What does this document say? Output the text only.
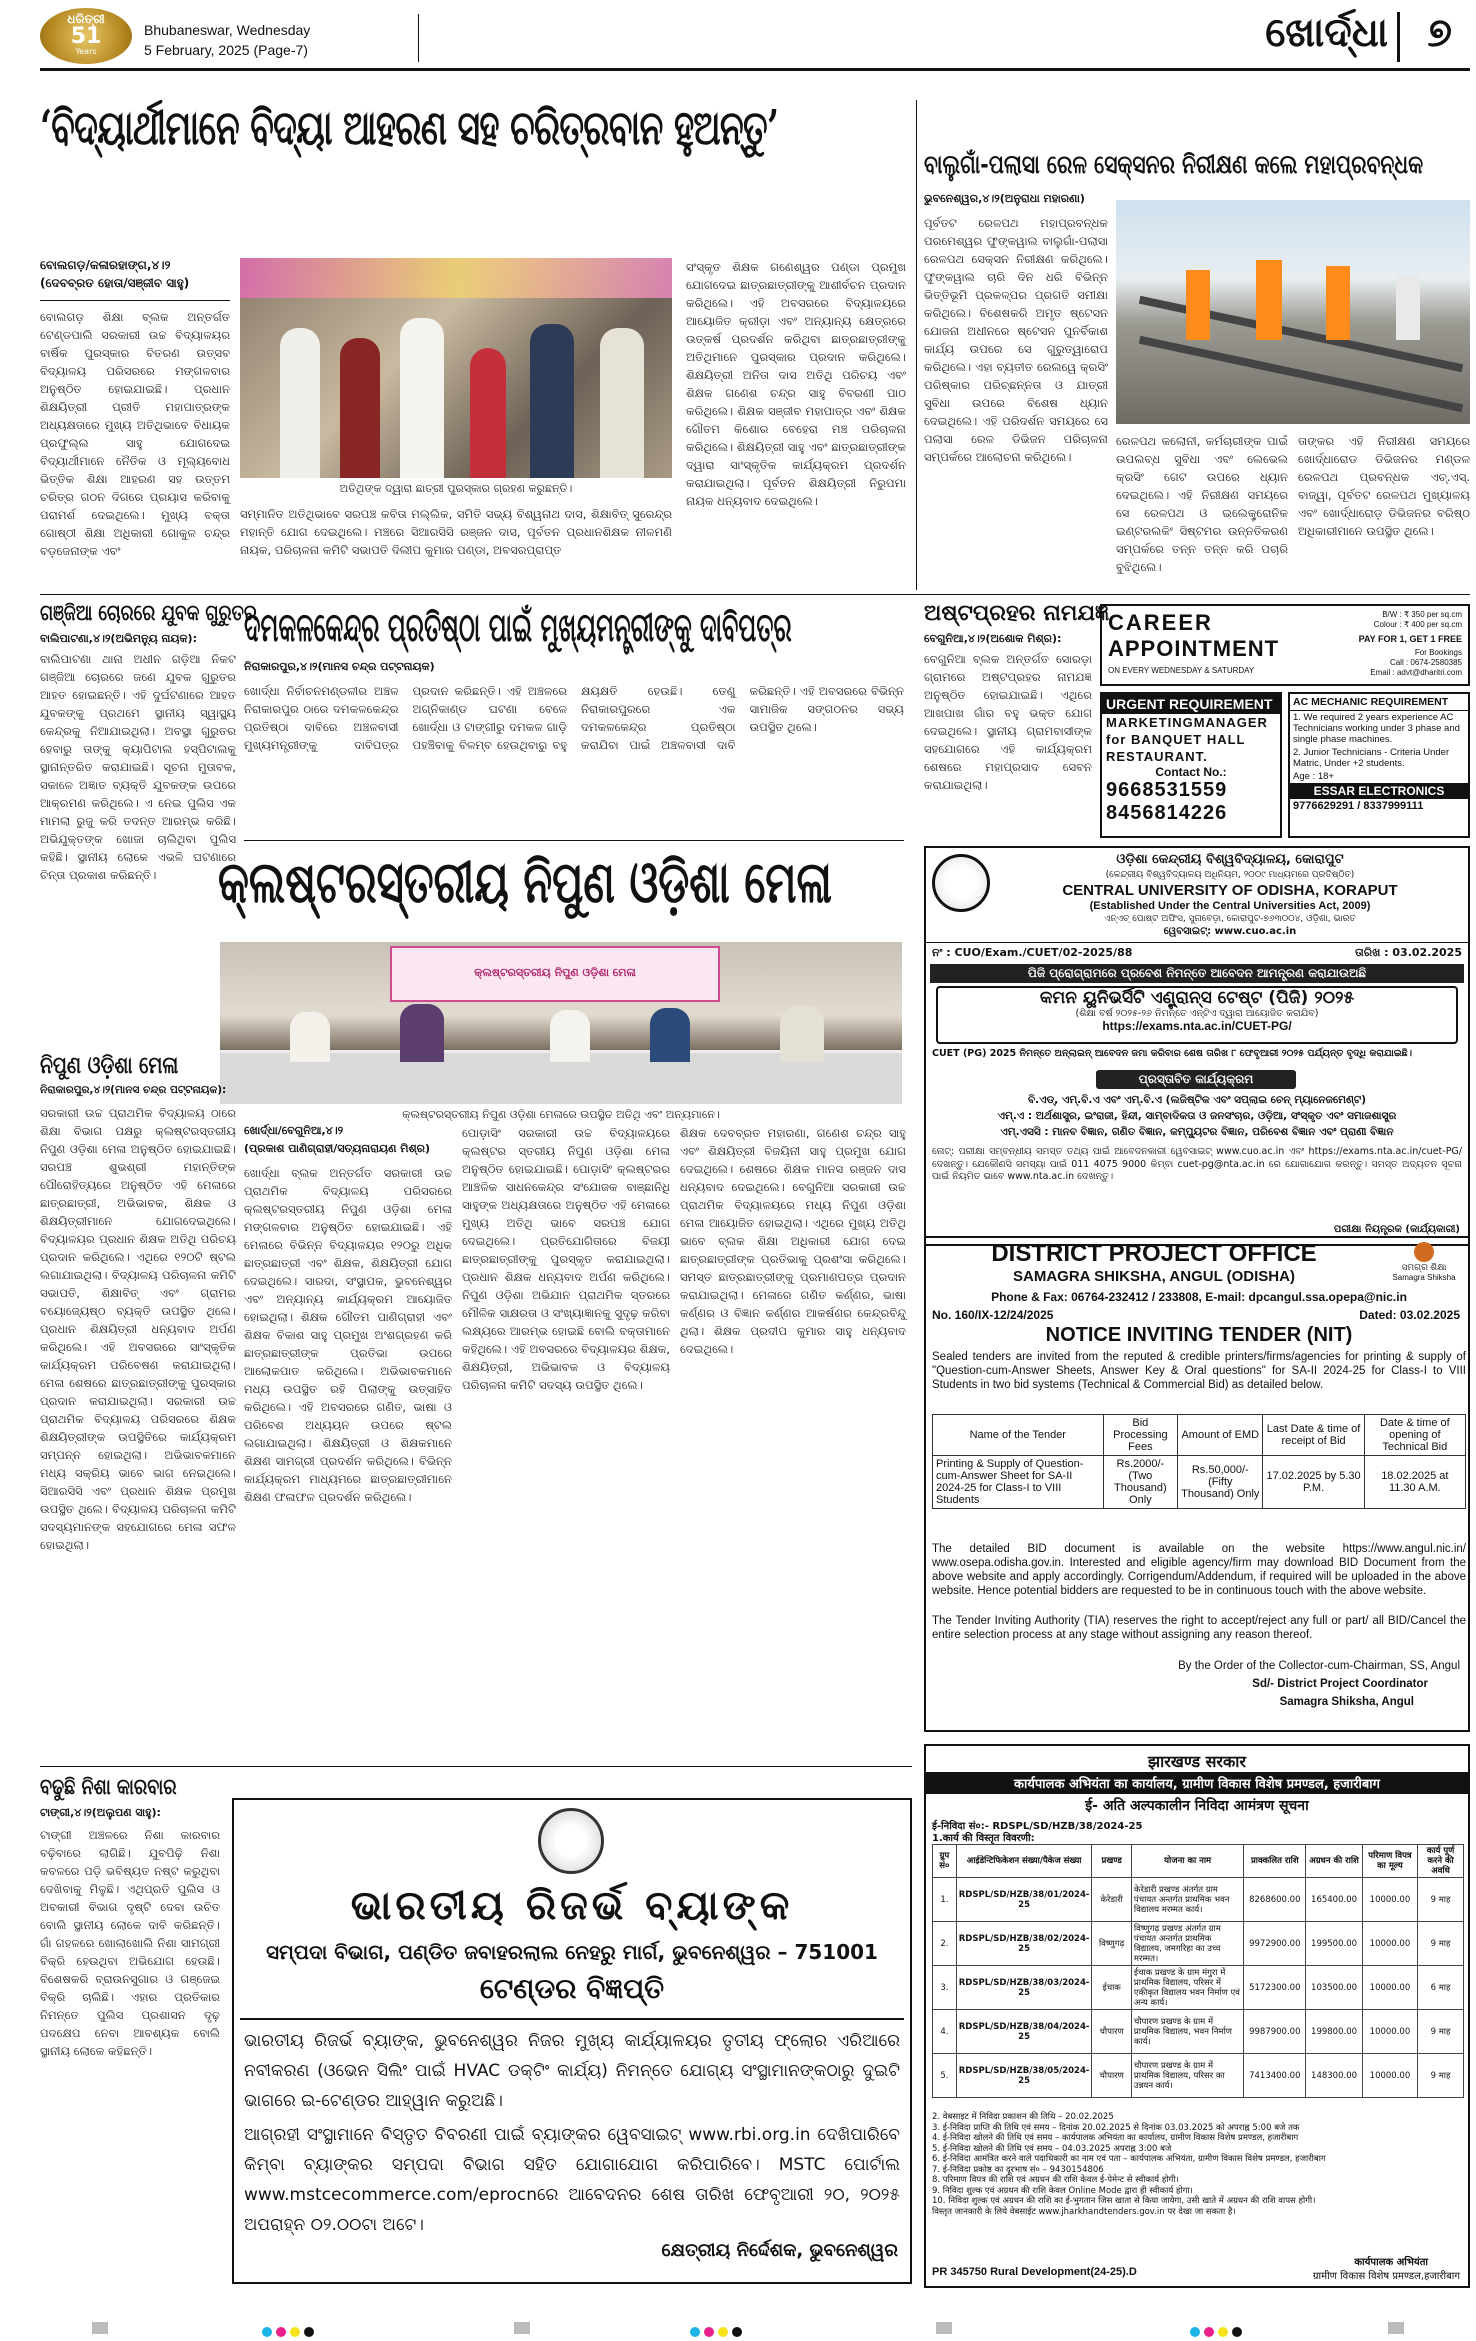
ଧରିତ୍ରୀ
51
Years
Bhubaneswar, Wednesday
5 February, 2025 (Page-7)	ଖୋର୍ଦ୍ଧା ୭
‘ବିଦ୍ୟାର୍ଥୀମାନେ ବିଦ୍ୟା ଆହରଣ ସହ ଚରିତ୍ରବାନ ହୁଅନ୍ତୁ’
ବୋଲଗଡ଼/କଳାରହାଙ୍ଗ,୪।୨
(ଦେବବ୍ରତ ହୋତା/ସଞ୍ଜୀବ ସାହୁ)
ବୋଲଗଡ଼ ଶିକ୍ଷା ବ୍ଲକ ଅନ୍ତର୍ଗତ ଟେଣ୍ଡପାଲି ସରକାରୀ ଉଚ୍ଚ ବିଦ୍ୟାଳୟର ବାର୍ଷିକ ପୁରସ୍କାର ବିତରଣ ଉତ୍ସବ ବିଦ୍ୟାଳୟ ପରିସରରେ ମଙ୍ଗଳବାର ଅନୁଷ୍ଠିତ ହୋଇଯାଇଛି। ପ୍ରଧାନ ଶିକ୍ଷୟିତ୍ରୀ ପ୍ରୀତି ମହାପାତ୍ରଙ୍କ ଅଧ୍ୟକ୍ଷତାରେ ମୁଖ୍ୟ ଅତିଥିଭାବେ ବିଧାୟକ ପ୍ରଫୁଲ୍ଲ ସାହୁ ଯୋଗଦେଇ ବିଦ୍ୟାର୍ଥୀମାନେ ନୈତିକ ଓ ମୂଲ୍ୟବୋଧ ଭିତ୍ତିକ ଶିକ୍ଷା ଆହରଣ ସହ ଉତ୍ତମ ଚରିତ୍ର ଗଠନ ଦିଗରେ ପ୍ରୟାସ କରିବାକୁ ପରାମର୍ଶ ଦେଇଥିଲେ। ମୁଖ୍ୟ ବକ୍ତା ଗୋଷ୍ଠୀ ଶିକ୍ଷା ଅଧିକାରୀ ଗୋକୁଳ ଚନ୍ଦ୍ର ବଡ଼ଜେନାଙ୍କ ଏବଂ
ଅତିଥିଙ୍କ ଦ୍ୱାରା ଛାତ୍ରୀ ପୁରସ୍କାର ଗ୍ରହଣ କରୁଛନ୍ତି।
ସମ୍ମାନିତ ଅତିଥିଭାବେ ସରପଞ୍ଚ କବିତା ମଲ୍ଲିକ, ସମିତି ସଭ୍ୟ ବିଶ୍ୱନାଥ ଦାସ, ଶିକ୍ଷାବିତ୍ ସୁରେନ୍ଦ୍ର ମହାନ୍ତି ଯୋଗ ଦେଇଥିଲେ। ମଞ୍ଚରେ ସିଆରସିସି ରଞ୍ଜନ ଦାସ, ପୂର୍ବତନ ପ୍ରଧାନଶିକ୍ଷକ ନୀଳମଣି ନାୟକ, ପରିଚାଳନା କମିଟି ସଭାପତି ଦିଲୀପ କୁମାର ପଣ୍ଡା, ଅବସରପ୍ରାପ୍ତ
ସଂସ୍କୃତ ଶିକ୍ଷକ ଗଣେଶ୍ୱର ପଣ୍ଡା ପ୍ରମୁଖ ଯୋଗଦେଇ ଛାତ୍ରଛାତ୍ରୀଙ୍କୁ ଆଶୀର୍ବଚନ ପ୍ରଦାନ କରିଥିଲେ। ଏହି ଅବସରରେ ବିଦ୍ୟାଳୟରେ ଆୟୋଜିତ କ୍ରୀଡ଼ା ଏବଂ ଅନ୍ୟାନ୍ୟ କ୍ଷେତ୍ରରେ ଉତ୍କର୍ଷ ପ୍ରଦର୍ଶନ କରିଥିବା ଛାତ୍ରଛାତ୍ରୀଙ୍କୁ ଅତିଥିମାନେ ପୁରସ୍କାର ପ୍ରଦାନ କରିଥିଲେ। ଶିକ୍ଷୟିତ୍ରୀ ଅନିତା ଦାସ ଅତିଥି ପରିଚୟ ଏବଂ ଶିକ୍ଷକ ଗଣେଶ ଚନ୍ଦ୍ର ସାହୁ ବିବରଣୀ ପାଠ କରିଥିଲେ। ଶିକ୍ଷକ ସଞ୍ଜୀବ ମହାପାତ୍ର ଏବଂ ଶିକ୍ଷକ ଗୌତମ କିଶୋର ବେହେରା ମଞ୍ଚ ପରିଚାଳନା କରିଥିଲେ। ଶିକ୍ଷୟିତ୍ରୀ ସାହୁ ଏବଂ ଛାତ୍ରଛାତ୍ରୀଙ୍କ ଦ୍ୱାରା ସାଂସ୍କୃତିକ କାର୍ଯ୍ୟକ୍ରମ ପ୍ରଦର୍ଶନ କରାଯାଇଥିଲା। ପୂର୍ବତନ ଶିକ୍ଷୟିତ୍ରୀ ନିରୁପମା ନାୟକ ଧନ୍ୟବାଦ ଦେଇଥିଲେ।
ବାଲୁଗାଁ-ପଲାସା ରେଳ ସେକ୍ସନର ନିରୀକ୍ଷଣ କଲେ ମହାପ୍ରବନ୍ଧକ
ଭୁବନେଶ୍ୱର,୪।୨(ଅନୁରାଧା ମହାରଣା)
ପୂର୍ବତଟ ରେଳପଥ ମହାପ୍ରବନ୍ଧକ ପରମେଶ୍ୱର ଫୁଙ୍କୱାଲ ବାଲୁଗାଁ-ପଲାସା ରେଳପଥ ସେକ୍ସନ ନିରୀକ୍ଷଣ କରିଥିଲେ। ଫୁଙ୍କୱାଲ ଚାରି ଦିନ ଧରି ବିଭିନ୍ନ ଭିତ୍ତିଭୂମି ପ୍ରକଳ୍ପର ପ୍ରଗତି ସମୀକ୍ଷା କରିଥିଲେ। ବିଶେଷକରି ଅମୃତ ଷ୍ଟେସନ ଯୋଜନା ଅଧୀନରେ ଷ୍ଟେସନ ପୁନର୍ବିକାଶ କାର୍ଯ୍ୟ ଉପରେ ସେ ଗୁରୁତ୍ୱାରୋପ କରିଥିଲେ। ଏହା ବ୍ୟତୀତ ରେଲୱେ କ୍ରସିଂ ପରିଷ୍କାର ପରିଚ୍ଛନ୍ନତା ଓ ଯାତ୍ରୀ ସୁବିଧା ଉପରେ ବିଶେଷ ଧ୍ୟାନ ଦେଇଥିଲେ। ଏହି ପରିଦର୍ଶନ ସମୟରେ ସେ ପଲାସା ରେଳ ଡିଭିଜନ ପରିଚାଳନା ସମ୍ପର୍କରେ ଆଲୋଚନା କରିଥିଲେ।
ରେଳପଥ କଲୋନୀ, କର୍ମଚାରୀଙ୍କ ପାଇଁ ଉପଲବ୍ଧ ସୁବିଧା ଏବଂ ଲେଭେଲ କ୍ରସିଂ ଗେଟ ଉପରେ ଧ୍ୟାନ ଦେଇଥିଲେ। ଏହି ନିରୀକ୍ଷଣ ସମୟରେ ସେ ରେଳପଥ ଓ ଇଲେକ୍ଟ୍ରୋନିକ ଇଣ୍ଟରଲକିଂ ସିଷ୍ଟମର ଉନ୍ନତିକରଣ ସମ୍ପର୍କରେ ତନ୍ନ ତନ୍ନ କରି ପଚାରି ବୁଝିଥିଲେ।
ତାଙ୍କର ଏହି ନିରୀକ୍ଷଣ ସମୟରେ ଖୋର୍ଦ୍ଧାରୋଡ ଡିଭିଜନର ମଣ୍ଡଳ ରେଳପଥ ପ୍ରବନ୍ଧକ ଏଚ୍.ଏସ୍. ବାଜ୍ୱା, ପୂର୍ବତଟ ରେଳପଥ ମୁଖ୍ୟାଳୟ ଏବଂ ଖୋର୍ଦ୍ଧାରୋଡ଼ ଡିଭିଜନର ବରିଷ୍ଠ ଅଧିକାରୀମାନେ ଉପସ୍ଥିତ ଥିଲେ।
ଗଞ୍ଜିଆ ଚୋରରେ ଯୁବକ ଗୁରୁତର
ବାଲିପାଟଣା,୪।୨(ଅଭିମନ୍ୟୁ ନାୟକ):
ବାଲିପାଟଣା ଥାନା ଅଧୀନ ଗଡ଼ିଆ ନିକଟ ଗଞ୍ଜିଆ ଚୋରରେ ଜଣେ ଯୁବକ ଗୁରୁତର ଆହତ ହୋଇଛନ୍ତି। ଏହି ଦୁର୍ଘଟଣାରେ ଆହତ ଯୁବକଙ୍କୁ ପ୍ରଥମେ ସ୍ଥାନୀୟ ସ୍ୱାସ୍ଥ୍ୟ କେନ୍ଦ୍ରକୁ ନିଆଯାଇଥିଲା। ଅବସ୍ଥା ଗୁରୁତର ହେବାରୁ ତାଙ୍କୁ କ୍ୟାପିଟାଲ ହସ୍ପିଟାଲକୁ ସ୍ଥାନାନ୍ତରିତ କରାଯାଇଛି। ସୂଚନା ମୁତାବକ, ସକାଳେ ଅଜ୍ଞାତ ବ୍ୟକ୍ତି ଯୁବକଙ୍କ ଉପରେ ଆକ୍ରମଣ କରିଥିଲେ। ଏ ନେଇ ପୁଲିସ ଏକ ମାମଲା ରୁଜୁ କରି ତଦନ୍ତ ଆରମ୍ଭ କରିଛି। ଅଭିଯୁକ୍ତଙ୍କ ଖୋଜା ଚାଲିଥିବା ପୁଲିସ କହିଛି। ସ୍ଥାନୀୟ ଲୋକେ ଏଭଳି ଘଟଣାରେ ଚିନ୍ତା ପ୍ରକାଶ କରିଛନ୍ତି।
ଦମକଳକେନ୍ଦ୍ର ପ୍ରତିଷ୍ଠା ପାଇଁ ମୁଖ୍ୟମନ୍ତ୍ରୀଙ୍କୁ ଦାବିପତ୍ର
ନିରାକାରପୁର,୪।୨(ମାନସ ଚନ୍ଦ୍ର ପଟ୍ଟନାୟକ)
ଖୋର୍ଦ୍ଧା ନିର୍ବାଚନମଣ୍ଡଳୀର ଅଞ୍ଚଳ ନିରାକାରପୁର ଠାରେ ଦମକଳକେନ୍ଦ୍ର ପ୍ରତିଷ୍ଠା ଦାବିରେ ଅଞ୍ଚଳବାସୀ ମୁଖ୍ୟମନ୍ତ୍ରୀଙ୍କୁ ଦାବିପତ୍ର ପ୍ରଦାନ କରିଛନ୍ତି। ଏହି ଅଞ୍ଚଳରେ ଅଗ୍ନିକାଣ୍ଡ ଘଟଣା ବେଳେ ଖୋର୍ଦ୍ଧା ଓ ଟାଙ୍ଗୀରୁ ଦମକଳ ଗାଡ଼ି ପହଞ୍ଚିବାକୁ ବିଳମ୍ବ ହେଉଥିବାରୁ ବହୁ କ୍ଷୟକ୍ଷତି ହେଉଛି। ତେଣୁ ନିରାକାରପୁରରେ ଏକ ଦମକଳକେନ୍ଦ୍ର ପ୍ରତିଷ୍ଠା କରାଯିବା ପାଇଁ ଅଞ୍ଚଳବାସୀ ଦାବି କରିଛନ୍ତି। ଏହି ଅବସରରେ ବିଭିନ୍ନ ସାମାଜିକ ସଙ୍ଗଠନର ସଭ୍ୟ ଉପସ୍ଥିତ ଥିଲେ।
ଅଷ୍ଟପ୍ରହର ନାମଯଜ୍ଞ
ବେଗୁନିଆ,୪।୨(ଅଶୋକ ମିଶ୍ର):
ବେଗୁନିଆ ବ୍ଲକ ଅନ୍ତର୍ଗତ ସୋରଡ଼ା ଗ୍ରାମରେ ଅଷ୍ଟପ୍ରହର ନାମଯଜ୍ଞ ଅନୁଷ୍ଠିତ ହୋଇଯାଇଛି। ଏଥିରେ ଆଖପାଖ ଗାଁର ବହୁ ଭକ୍ତ ଯୋଗ ଦେଇଥିଲେ। ସ୍ଥାନୀୟ ଗ୍ରାମବାସୀଙ୍କ ସହଯୋଗରେ ଏହି କାର୍ଯ୍ୟକ୍ରମ ଶେଷରେ ମହାପ୍ରସାଦ ସେବନ କରାଯାଇଥିଲା।
CAREER
APPOINTMENT
ON EVERY WEDNESDAY & SATURDAY
B/W : ₹ 350 per sq.cm
Colour : ₹ 400 per sq.cm
PAY FOR 1, GET 1 FREE
For Bookings
Call : 0674-2580385
Email : advt@dharitri.com
URGENT REQUIREMENT
MARKETINGMANAGER
for BANQUET HALL
RESTAURANT.
Contact No.:
9668531559
8456814226
AC MECHANIC REQUIREMENT
1. We required 2 years experience AC Technicians working under 3 phase and single phase machines.
2. Junior Technicians - Criteria Under Matric, Under +2 students.
Age : 18+
ESSAR ELECTRONICS
9776629291 / 8337999111
କ୍ଲଷ୍ଟରସ୍ତରୀୟ ନିପୁଣ ଓଡ଼ିଶା ମେଳା
କ୍ଲଷ୍ଟରସ୍ତରୀୟ ନିପୁଣ ଓଡ଼ିଶା ମେଳା
କ୍ଲଷ୍ଟରସ୍ତରୀୟ ନିପୁଣ ଓଡ଼ିଶା ମେଳାରେ ଉପସ୍ଥିତ ଅତିଥି ଏବଂ ଅନ୍ୟମାନେ।
ନିପୁଣ ଓଡ଼ିଶା ମେଳା
ନିରାକାରପୁର,୪।୨(ମାନସ ଚନ୍ଦ୍ର ପଟ୍ଟନାୟକ):
ସରକାରୀ ଉଚ୍ଚ ପ୍ରାଥମିକ ବିଦ୍ୟାଳୟ ଠାରେ ଶିକ୍ଷା ବିଭାଗ ପକ୍ଷରୁ କ୍ଲଷ୍ଟରସ୍ତରୀୟ ନିପୁଣ ଓଡ଼ିଶା ମେଳା ଅନୁଷ୍ଠିତ ହୋଇଯାଇଛି। ସରପଞ୍ଚ ଶୁଭଶ୍ରୀ ମହାନ୍ତିଙ୍କ ପୌରୋହିତ୍ୟରେ ଅନୁଷ୍ଠିତ ଏହି ମେଳାରେ ଛାତ୍ରଛାତ୍ରୀ, ଅଭିଭାବକ, ଶିକ୍ଷକ ଓ ଶିକ୍ଷୟିତ୍ରୀମାନେ ଯୋଗଦେଇଥିଲେ। ବିଦ୍ୟାଳୟର ପ୍ରଧାନ ଶିକ୍ଷକ ଅତିଥି ପରିଚୟ ପ୍ରଦାନ କରିଥିଲେ। ଏଥିରେ ୧୨୦ଟି ଷ୍ଟଲ ଲଗାଯାଇଥିଲା। ବିଦ୍ୟାଳୟ ପରିଚାଳନା କମିଟି ସଭାପତି, ଶିକ୍ଷାବିତ୍ ଏବଂ ଗ୍ରାମର ବୟୋଜ୍ୟେଷ୍ଠ ବ୍ୟକ୍ତି ଉପସ୍ଥିତ ଥିଲେ। ପ୍ରଧାନ ଶିକ୍ଷୟିତ୍ରୀ ଧନ୍ୟବାଦ ଅର୍ପଣ କରିଥିଲେ। ଏହି ଅବସରରେ ସାଂସ୍କୃତିକ କାର୍ଯ୍ୟକ୍ରମ ପରିବେଷଣ କରାଯାଇଥିଲା। ମେଳା ଶେଷରେ ଛାତ୍ରଛାତ୍ରୀଙ୍କୁ ପୁରସ୍କାର ପ୍ରଦାନ କରାଯାଇଥିଲା। ସରକାରୀ ଉଚ୍ଚ ପ୍ରାଥମିକ ବିଦ୍ୟାଳୟ ପରିସରରେ ଶିକ୍ଷକ ଶିକ୍ଷୟିତ୍ରୀଙ୍କ ଉପସ୍ଥିତିରେ କାର୍ଯ୍ୟକ୍ରମ ସମ୍ପନ୍ନ ହୋଇଥିଲା। ଅଭିଭାବକମାନେ ମଧ୍ୟ ସକ୍ରିୟ ଭାବେ ଭାଗ ନେଇଥିଲେ। ସିଆରସିସି ଏବଂ ପ୍ରଧାନ ଶିକ୍ଷକ ପ୍ରମୁଖ ଉପସ୍ଥିତ ଥିଲେ। ବିଦ୍ୟାଳୟ ପରିଚାଳନା କମିଟି ସଦସ୍ୟମାନଙ୍କ ସହଯୋଗରେ ମେଳା ସଫଳ ହୋଇଥିଲା।
ଖୋର୍ଦ୍ଧା/ବେଗୁନିଆ,୪।୨
(ପ୍ରକାଶ ପାଣିଗ୍ରାହୀ/ସତ୍ୟନାରାୟଣ ମିଶ୍ର)
ଖୋର୍ଦ୍ଧା ବ୍ଲକ ଅନ୍ତର୍ଗତ ସରକାରୀ ଉଚ୍ଚ ପ୍ରାଥମିକ ବିଦ୍ୟାଳୟ ପରିସରରେ କ୍ଲଷ୍ଟରସ୍ତରୀୟ ନିପୁଣ ଓଡ଼ିଶା ମେଳା ମଙ୍ଗଳବାର ଅନୁଷ୍ଠିତ ହୋଇଯାଇଛି। ଏହି ମେଳାରେ ବିଭିନ୍ନ ବିଦ୍ୟାଳୟର ୧୨୦ରୁ ଅଧିକ ଛାତ୍ରଛାତ୍ରୀ ଏବଂ ଶିକ୍ଷକ, ଶିକ୍ଷୟିତ୍ରୀ ଯୋଗ ଦେଇଥିଲେ। ସାରଦା, ସଂସ୍ଥାପକ, ଭୁବନେଶ୍ୱର ଏବଂ ଅନ୍ୟାନ୍ୟ କାର୍ଯ୍ୟକ୍ରମ ଆୟୋଜିତ ହୋଇଥିଲା। ଶିକ୍ଷକ ଗୌତମ ପାଣିଗ୍ରାହୀ ଏବଂ ଶିକ୍ଷକ ବିକାଶ ସାହୁ ପ୍ରମୁଖ ଅଂଶଗ୍ରହଣ କରି ଛାତ୍ରଛାତ୍ରୀଙ୍କ ପ୍ରତିଭା ଉପରେ ଆଲୋକପାତ କରିଥିଲେ। ଅଭିଭାବକମାନେ ମଧ୍ୟ ଉପସ୍ଥିତ ରହି ପିଲାଙ୍କୁ ଉତ୍ସାହିତ କରିଥିଲେ। ଏହି ଅବସରରେ ଗଣିତ, ଭାଷା ଓ ପରିବେଶ ଅଧ୍ୟୟନ ଉପରେ ଷ୍ଟଲ ଲଗାଯାଇଥିଲା। ଶିକ୍ଷୟିତ୍ରୀ ଓ ଶିକ୍ଷକମାନେ ଶିକ୍ଷଣ ସାମଗ୍ରୀ ପ୍ରଦର୍ଶନ କରିଥିଲେ। ବିଭିନ୍ନ କାର୍ଯ୍ୟକ୍ରମ ମାଧ୍ୟମରେ ଛାତ୍ରଛାତ୍ରୀମାନେ ଶିକ୍ଷଣ ଫଳାଫଳ ପ୍ରଦର୍ଶନ କରିଥିଲେ।
ପୋଡ଼ାସିଂ ସରକାରୀ ଉଚ୍ଚ ବିଦ୍ୟାଳୟରେ କ୍ଲଷ୍ଟର ସ୍ତରୀୟ ନିପୁଣ ଓଡ଼ିଶା ମେଳା ଅନୁଷ୍ଠିତ ହୋଇଯାଇଛି। ପୋଡ଼ାସିଂ କ୍ଲଷ୍ଟରର ଆଞ୍ଚଳିକ ସାଧନକେନ୍ଦ୍ର ସଂଯୋଜକ ବାଞ୍ଛାନିଧି ସାହୁଙ୍କ ଅଧ୍ୟକ୍ଷତାରେ ଅନୁଷ୍ଠିତ ଏହି ମେଳାରେ ମୁଖ୍ୟ ଅତିଥି ଭାବେ ସରପଞ୍ଚ ଯୋଗ ଦେଇଥିଲେ। ପ୍ରତିଯୋଗିତାରେ ବିଜୟୀ ଛାତ୍ରଛାତ୍ରୀଙ୍କୁ ପୁରସ୍କୃତ କରାଯାଇଥିଲା। ପ୍ରଧାନ ଶିକ୍ଷକ ଧନ୍ୟବାଦ ଅର୍ପଣ କରିଥିଲେ। ନିପୁଣ ଓଡ଼ିଶା ଅଭିଯାନ ପ୍ରାଥମିକ ସ୍ତରରେ ମୌଳିକ ସାକ୍ଷରତା ଓ ସଂଖ୍ୟାଜ୍ଞାନକୁ ସୁଦୃଢ଼ କରିବା ଲକ୍ଷ୍ୟରେ ଆରମ୍ଭ ହୋଇଛି ବୋଲି ବକ୍ତାମାନେ କହିଥିଲେ। ଏହି ଅବସରରେ ବିଦ୍ୟାଳୟର ଶିକ୍ଷକ, ଶିକ୍ଷୟିତ୍ରୀ, ଅଭିଭାବକ ଓ ବିଦ୍ୟାଳୟ ପରିଚାଳନା କମିଟି ସଦସ୍ୟ ଉପସ୍ଥିତ ଥିଲେ।
ଶିକ୍ଷକ ଦେବବ୍ରତ ମହାରଣା, ଗଣେଶ ଚନ୍ଦ୍ର ସାହୁ ଏବଂ ଶିକ୍ଷୟିତ୍ରୀ ବିଜୟିନୀ ସାହୁ ପ୍ରମୁଖ ଯୋଗ ଦେଇଥିଲେ। ଶେଷରେ ଶିକ୍ଷକ ମାନସ ରଞ୍ଜନ ଦାସ ଧନ୍ୟବାଦ ଦେଇଥିଲେ। ବେଗୁନିଆ ସରକାରୀ ଉଚ୍ଚ ପ୍ରାଥମିକ ବିଦ୍ୟାଳୟରେ ମଧ୍ୟ ନିପୁଣ ଓଡ଼ିଶା ମେଳା ଆୟୋଜିତ ହୋଇଥିଲା। ଏଥିରେ ମୁଖ୍ୟ ଅତିଥି ଭାବେ ବ୍ଲକ ଶିକ୍ଷା ଅଧିକାରୀ ଯୋଗ ଦେଇ ଛାତ୍ରଛାତ୍ରୀଙ୍କ ପ୍ରତିଭାକୁ ପ୍ରଶଂସା କରିଥିଲେ। ସମସ୍ତ ଛାତ୍ରଛାତ୍ରୀଙ୍କୁ ପ୍ରମାଣପତ୍ର ପ୍ରଦାନ କରାଯାଇଥିଲା। ମେଳାରେ ଗଣିତ କର୍ଣ୍ଣର, ଭାଷା କର୍ଣ୍ଣର ଓ ବିଜ୍ଞାନ କର୍ଣ୍ଣର ଆକର୍ଷଣର କେନ୍ଦ୍ରବିନ୍ଦୁ ଥିଲା। ଶିକ୍ଷକ ପ୍ରଦୀପ କୁମାର ସାହୁ ଧନ୍ୟବାଦ ଦେଇଥିଲେ।
ଓଡ଼ିଶା କେନ୍ଦ୍ରୀୟ ବିଶ୍ୱବିଦ୍ୟାଳୟ, କୋରାପୁଟ
(କେନ୍ଦ୍ରୀୟ ବିଶ୍ୱବିଦ୍ୟାଳୟ ଅଧିନିୟମ, ୨୦୦୯ ମାଧ୍ୟମରେ ପ୍ରତିଷ୍ଠିତ)
CENTRAL UNIVERSITY OF ODISHA, KORAPUT
(Established Under the Central Universities Act, 2009)
ଏନ୍‌ଏଚ୍ ପୋଷ୍ଟ ଅଫିସ, ସୁନାବେଡ଼ା, କୋରାପୁଟ-୭୬୩୦୦୪, ଓଡ଼ିଶା, ଭାରତ
ୱେବସାଇଟ୍: www.cuo.ac.in
ନଂ : CUO/Exam./CUET/02-2025/88	ତାରିଖ : 03.02.2025
ପିଜି ପ୍ରୋଗ୍ରାମରେ ପ୍ରବେଶ ନିମନ୍ତେ ଆବେଦନ ଆମନ୍ତ୍ରଣ କରାଯାଉଅଛି
କମନ ୟୁନିଭର୍ସିଟି ଏଣ୍ଟ୍ରାନ୍ସ ଟେଷ୍ଟ (ପିଜି) ୨୦୨୫
(ଶିକ୍ଷା ବର୍ଷ ୨୦୨୫-୨୬ ନିମନ୍ତେ ଏନ୍‌ଟିଏ ଦ୍ୱାରା ଆୟୋଜିତ କରାଯିବ)
https://exams.nta.ac.in/CUET-PG/
CUET (PG) 2025 ନିମନ୍ତେ ଅନ୍‌ଲାଇନ୍ ଆବେଦନ ଜମା କରିବାର ଶେଷ ତାରିଖ ୮ ଫେବୃଆରୀ ୨୦୨୫ ପର୍ଯ୍ୟନ୍ତ ବୃଦ୍ଧି କରାଯାଇଛି।
ପ୍ରସ୍ତାବିତ କାର୍ଯ୍ୟକ୍ରମ
ବି.ଏଡ୍, ଏମ୍.ବି.ଏ ଏବଂ ଏମ୍.ବି.ଏ (ଲଜିଷ୍ଟିକ ଏବଂ ସପ୍ଲାଇ ଚେନ୍ ମ୍ୟାନେଜମେଣ୍ଟ)
ଏମ୍.ଏ : ଅର୍ଥଶାସ୍ତ୍ର, ଇଂରାଜୀ, ହିନ୍ଦୀ, ସାମ୍ବାଦିକତା ଓ ଜନସଂଚାର, ଓଡ଼ିଆ, ସଂସ୍କୃତ ଏବଂ ସମାଜଶାସ୍ତ୍ର
ଏମ୍.ଏସସି : ମାନବ ବିଜ୍ଞାନ, ଗଣିତ ବିଜ୍ଞାନ, କମ୍ପ୍ୟୁଟର ବିଜ୍ଞାନ, ପରିବେଶ ବିଜ୍ଞାନ ଏବଂ ପ୍ରାଣୀ ବିଜ୍ଞାନ
ନୋଟ୍: ପରୀକ୍ଷା ସମ୍ବନ୍ଧୀୟ ସମସ୍ତ ତଥ୍ୟ ପାଇଁ ଆବେଦନକାରୀ ୱେବସାଇଟ୍ www.cuo.ac.in ଏବଂ https://exams.nta.ac.in/cuet-PG/ ଦେଖନ୍ତୁ। ଯେକୌଣସି ସମସ୍ୟା ପାଇଁ 011 4075 9000 କିମ୍ବା cuet-pg@nta.ac.in ରେ ଯୋଗାଯୋଗ କରନ୍ତୁ। ସମସ୍ତ ଅଦ୍ୟତନ ସୂଚନା ପାଇଁ ନିୟମିତ ଭାବେ www.nta.ac.in ଦେଖନ୍ତୁ।
ପରୀକ୍ଷା ନିୟନ୍ତ୍ରକ (କାର୍ଯ୍ୟକାରୀ)
DISTRICT PROJECT OFFICE
SAMAGRA SHIKSHA, ANGUL (ODISHA)
ସମଗ୍ର ଶିକ୍ଷା
Samagra Shiksha
Phone & Fax: 06764-232412 / 233808, E-mail: dpcangul.ssa.opepa@nic.in
No. 160/IX-12/24/2025	Dated: 03.02.2025
NOTICE INVITING TENDER (NIT)
Sealed tenders are invited from the reputed & credible printers/firms/agencies for printing & supply of "Question-cum-Answer Sheets, Answer Key & Oral questions" for SA-II 2024-25 for Class-I to VIII Students in two bid systems (Technical & Commercial Bid) as detailed below.
Name of the Tender	Bid Processing Fees	Amount of EMD	Last Date & time of receipt of Bid	Date & time of opening of Technical Bid
Printing & Supply of Question-cum-Answer Sheet for SA-II 2024-25 for Class-I to VIII Students	Rs.2000/- (Two Thousand) Only	Rs.50,000/- (Fifty Thousand) Only	17.02.2025 by 5.30 P.M.	18.02.2025 at 11.30 A.M.
The detailed BID document is available on the website https://www.angul.nic.in/ www.osepa.odisha.gov.in. Interested and eligible agency/firm may download BID Document from the above website and apply accordingly. Corrigendum/Addendum, if required will be uploaded in the above website. Hence potential bidders are requested to be in continuous touch with the above website.
The Tender Inviting Authority (TIA) reserves the right to accept/reject any full or part/ all BID/Cancel the entire selection process at any stage without assigning any reason thereof.
By the Order of the Collector-cum-Chairman, SS, Angul
Sd/- District Project Coordinator
Samagra Shiksha, Angul
ବଢୁଛି ନିଶା କାରବାର
ଟାଙ୍ଗୀ,୪।୨(ଅଲୁପଣ ସାହୁ):
ଟାଙ୍ଗୀ ଅଞ୍ଚଳରେ ନିଶା କାରବାର ବଢ଼ିବାରେ ଲାଗିଛି। ଯୁବପିଢ଼ି ନିଶା କବଳରେ ପଡ଼ି ଭବିଷ୍ୟତ ନଷ୍ଟ କରୁଥିବା ଦେଖିବାକୁ ମିଳୁଛି। ଏଥିପ୍ରତି ପୁଲିସ ଓ ଅବକାରୀ ବିଭାଗ ଦୃଷ୍ଟି ଦେବା ଉଚିତ ବୋଲି ସ୍ଥାନୀୟ ଲୋକେ ଦାବି କରିଛନ୍ତି। ଗାଁ ଗହଳରେ ଖୋଲାଖୋଲି ନିଶା ସାମଗ୍ରୀ ବିକ୍ରି ହେଉଥିବା ଅଭିଯୋଗ ହେଉଛି। ବିଶେଷକରି ବ୍ରାଉନସୁଗାର ଓ ଗଞ୍ଜେଇ ବିକ୍ରି ଚାଲିଛି। ଏହାର ପ୍ରତିକାର ନିମନ୍ତେ ପୁଲିସ ପ୍ରଶାସନ ଦୃଢ଼ ପଦକ୍ଷେପ ନେବା ଆବଶ୍ୟକ ବୋଲି ସ୍ଥାନୀୟ ଲୋକେ କହିଛନ୍ତି।
ଭାରତୀୟ ରିଜର୍ଭ ବ୍ୟାଙ୍କ
ସମ୍ପଦା ବିଭାଗ, ପଣ୍ଡିତ ଜବାହରଲାଲ ନେହରୁ ମାର୍ଗ, ଭୁବନେଶ୍ୱର – 751001
ଟେଣ୍ଡର ବିଜ୍ଞପ୍ତି
ଭାରତୀୟ ରିଜର୍ଭ ବ୍ୟାଙ୍କ, ଭୁବନେଶ୍ୱର ନିଜର ମୁଖ୍ୟ କାର୍ଯ୍ୟାଳୟର ତୃତୀୟ ଫ୍ଲୋର ଏରିଆରେ ନବୀକରଣ (ଓଭେନ ସିଲିଂ ପାଇଁ HVAC ଡକ୍ଟିଂ କାର୍ଯ୍ୟ) ନିମନ୍ତେ ଯୋଗ୍ୟ ସଂସ୍ଥାମାନଙ୍କଠାରୁ ଦୁଇଟି ଭାଗରେ ଇ-ଟେଣ୍ଡର ଆହ୍ୱାନ କରୁଅଛି।
ଆଗ୍ରହୀ ସଂସ୍ଥାମାନେ ବିସ୍ତୃତ ବିବରଣୀ ପାଇଁ ବ୍ୟାଙ୍କର ୱେବସାଇଟ୍ www.rbi.org.in ଦେଖିପାରିବେ କିମ୍ବା ବ୍ୟାଙ୍କର ସମ୍ପଦା ବିଭାଗ ସହିତ ଯୋଗାଯୋଗ କରିପାରିବେ। MSTC ପୋର୍ଟାଲ www.mstcecommerce.com/eprocnରେ ଆବେଦନର ଶେଷ ତାରିଖ ଫେବୃଆରୀ ୨୦, ୨୦୨୫ ଅପରାହ୍ନ ୦୨.୦୦ଟା ଅଟେ।
କ୍ଷେତ୍ରୀୟ ନିର୍ଦ୍ଦେଶକ, ଭୁବନେଶ୍ୱର
झारखण्ड सरकार
कार्यपालक अभियंता का कार्यालय, ग्रामीण विकास विशेष प्रमण्डल, हजारीबाग
ई- अति अल्पकालीन निविदा आमंत्रण सूचना
ई-निविदा सं०:- RDSPL/SD/HZB/38/2024-25
1.कार्य की विस्तृत विवरणी:
ग्रुप सं०	आईडेन्टिफिकेशन संख्या/पैकेज संख्या	प्रखण्ड	योजना का नाम	प्राक्कलित राशि	अग्रधन की राशि	परिमाण विपत्र का मूल्य	कार्य पूर्ण करने की अवधि
1.	RDSPL/SD/HZB/38/01/2024-25	केरेडारी	केरेडारी प्रखण्ड अंतर्गत ग्राम पंचायत अन्तर्गत प्राथमिक भवन विद्यालय मरम्मत कार्य।	8268600.00	165400.00	10000.00	9 माह
2.	RDSPL/SD/HZB/38/02/2024-25	विष्णुगढ़	विष्णुगढ़ प्रखण्ड अंतर्गत ग्राम पंचायत अन्तर्गत प्राथमिक विद्यालय, जमगरिहा का उच्च मरम्मत।	9972900.00	199500.00	10000.00	9 माह
3.	RDSPL/SD/HZB/38/03/2024-25	ईचाक	ईचाक प्रखण्ड के ग्राम मंगुरा में प्राथमिक विद्यालय, परिसर में एकीकृत विद्यालय भवन निर्माण एवं अन्य कार्य।	5172300.00	103500.00	10000.00	6 माह
4.	RDSPL/SD/HZB/38/04/2024-25	चौपारण	चौपारण प्रखण्ड के ग्राम में प्राथमिक विद्यालय, भवन निर्माण कार्य।	9987900.00	199800.00	10000.00	9 माह
5.	RDSPL/SD/HZB/38/05/2024-25	चौपारण	चौपारण प्रखण्ड के ग्राम में प्राथमिक विद्यालय, परिसर का उन्नयन कार्य।	7413400.00	148300.00	10000.00	9 माह
2. वेबसाइट में निविदा प्रकाशन की तिथि – 20.02.2025
3. ई-निविदा प्राप्ति की तिथि एवं समय – दिनांक 20.02.2025 से दिनांक 03.03.2025 को अपराह्न 5:00 बजे तक
4. ई-निविदा खोलने की तिथि एवं समय – कार्यपालक अभियंता का कार्यालय, ग्रामीण विकास विशेष प्रमण्डल, हजारीबाग
5. ई-निविदा खोलने की तिथि एवं समय – 04.03.2025 अपराह्न 3:00 बजे
6. ई-निविदा आमंत्रित करने वाले पदाधिकारी का नाम एवं पता – कार्यपालक अभियंता, ग्रामीण विकास विशेष प्रमण्डल, हजारीबाग
7. ई-निविदा प्रकोष्ठ का दूरभाष सं० – 9430154806
8. परिमाण विपत्र की राशि एवं अग्रधन की राशि केवल ई-पेमेन्ट से स्वीकार्य होगी।
9. निविदा शुल्क एवं अग्रधन की राशि केवल Online Mode द्वारा ही स्वीकार्य होगा।
10. निविदा शुल्क एवं अग्रधन की राशि का ई-भुगतान जिस खाता से किया जायेगा, उसी खाते में अग्रधन की राशि वापस होगी।
विस्तृत जानकारी के लिये वेबसाईट www.jharkhandtenders.gov.in पर देखा जा सकता है।
PR 345750 Rural Development(24-25).D
कार्यपालक अभियंता
ग्रामीण विकास विशेष प्रमण्डल,हजारीबाग
